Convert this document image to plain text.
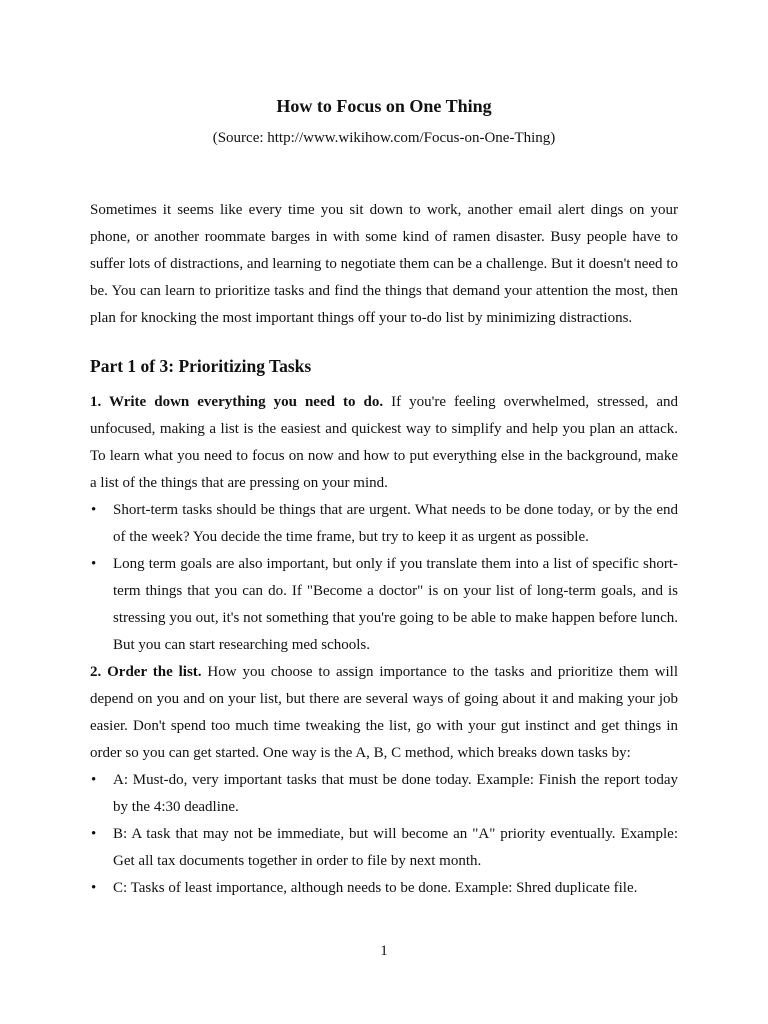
How to Focus on One Thing

(Source: http://www.wikihow.com/Focus-on-One-Thing)

Sometimes it seems like every time you sit down to work, another email alert dings on your phone, or another roommate barges in with some kind of ramen disaster. Busy people have to suffer lots of distractions, and learning to negotiate them can be a challenge. But it doesn't need to be. You can learn to prioritize tasks and find the things that demand your attention the most, then plan for knocking the most important things off your to-do list by minimizing distractions.

Part 1 of 3: Prioritizing Tasks

1. Write down everything you need to do. If you're feeling overwhelmed, stressed, and unfocused, making a list is the easiest and quickest way to simplify and help you plan an attack. To learn what you need to focus on now and how to put everything else in the background, make a list of the things that are pressing on your mind.

• Short-term tasks should be things that are urgent. What needs to be done today, or by the end of the week? You decide the time frame, but try to keep it as urgent as possible.
• Long term goals are also important, but only if you translate them into a list of specific short-term things that you can do. If "Become a doctor" is on your list of long-term goals, and is stressing you out, it's not something that you're going to be able to make happen before lunch. But you can start researching med schools.

2. Order the list. How you choose to assign importance to the tasks and prioritize them will depend on you and on your list, but there are several ways of going about it and making your job easier. Don't spend too much time tweaking the list, go with your gut instinct and get things in order so you can get started. One way is the A, B, C method, which breaks down tasks by:

• A: Must-do, very important tasks that must be done today. Example: Finish the report today by the 4:30 deadline.
• B: A task that may not be immediate, but will become an "A" priority eventually. Example: Get all tax documents together in order to file by next month.
• C: Tasks of least importance, although needs to be done. Example: Shred duplicate file.

1
